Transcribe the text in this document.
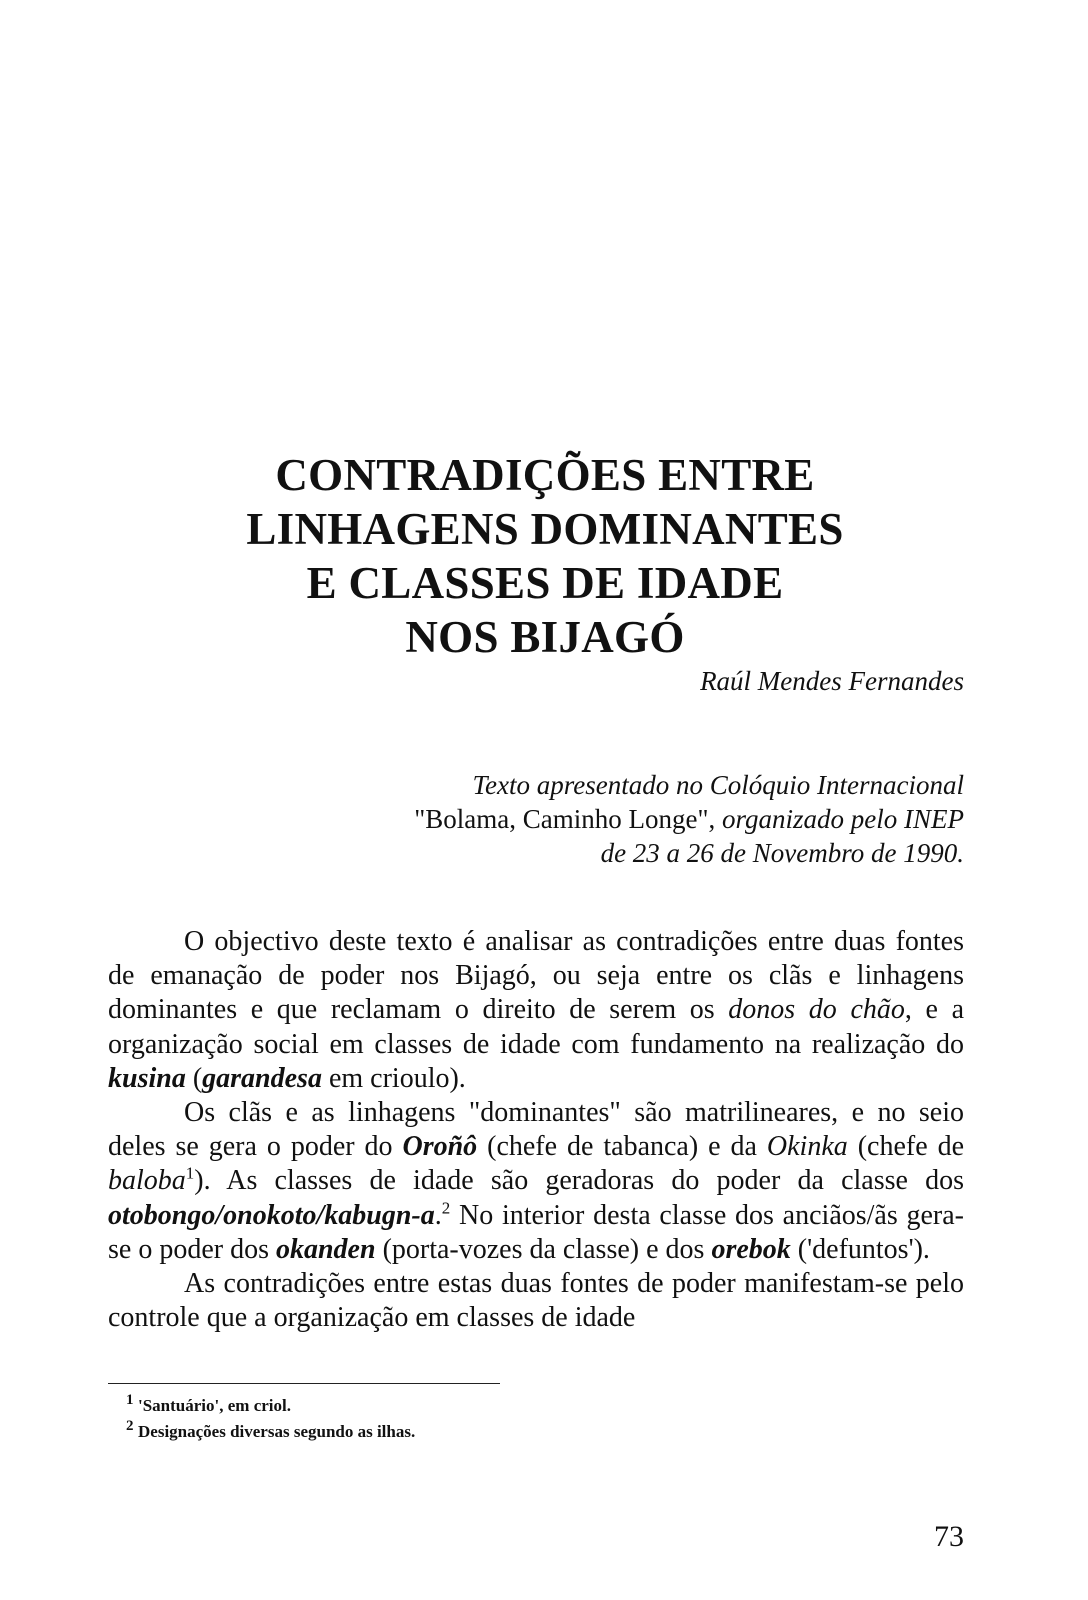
CONTRADIÇÕES ENTRE
LINHAGENS DOMINANTES
E CLASSES DE IDADE
NOS BIJAGÓ
Raúl Mendes Fernandes
Texto apresentado no Colóquio Internacional
"Bolama, Caminho Longe", organizado pelo INEP
de 23 a 26 de Novembro de 1990.

O objectivo deste texto é analisar as contradições entre duas fontes de emanação de poder nos Bijagó, ou seja entre os clãs e linhagens dominantes e que reclamam o direito de serem os donos do chão, e a organização social em classes de idade com fundamento na realização do kusina (garandesa em crioulo).

Os clãs e as linhagens "dominantes" são matrilineares, e no seio deles se gera o poder do Oroñô (chefe de tabanca) e da Okinka (chefe de baloba$^1$). As classes de idade são geradoras do poder da classe dos otobongo/onokoto/kabugn-a.$^2$ No interior desta classe dos anciãos/ãs gera-se o poder dos okanden (porta-vozes da classe) e dos orebok ('defuntos').

As contradições entre estas duas fontes de poder manifestam-se pelo controle que a organização em classes de idade

1 'Santuário', em criol.
2 Designações diversas segundo as ilhas.
73
